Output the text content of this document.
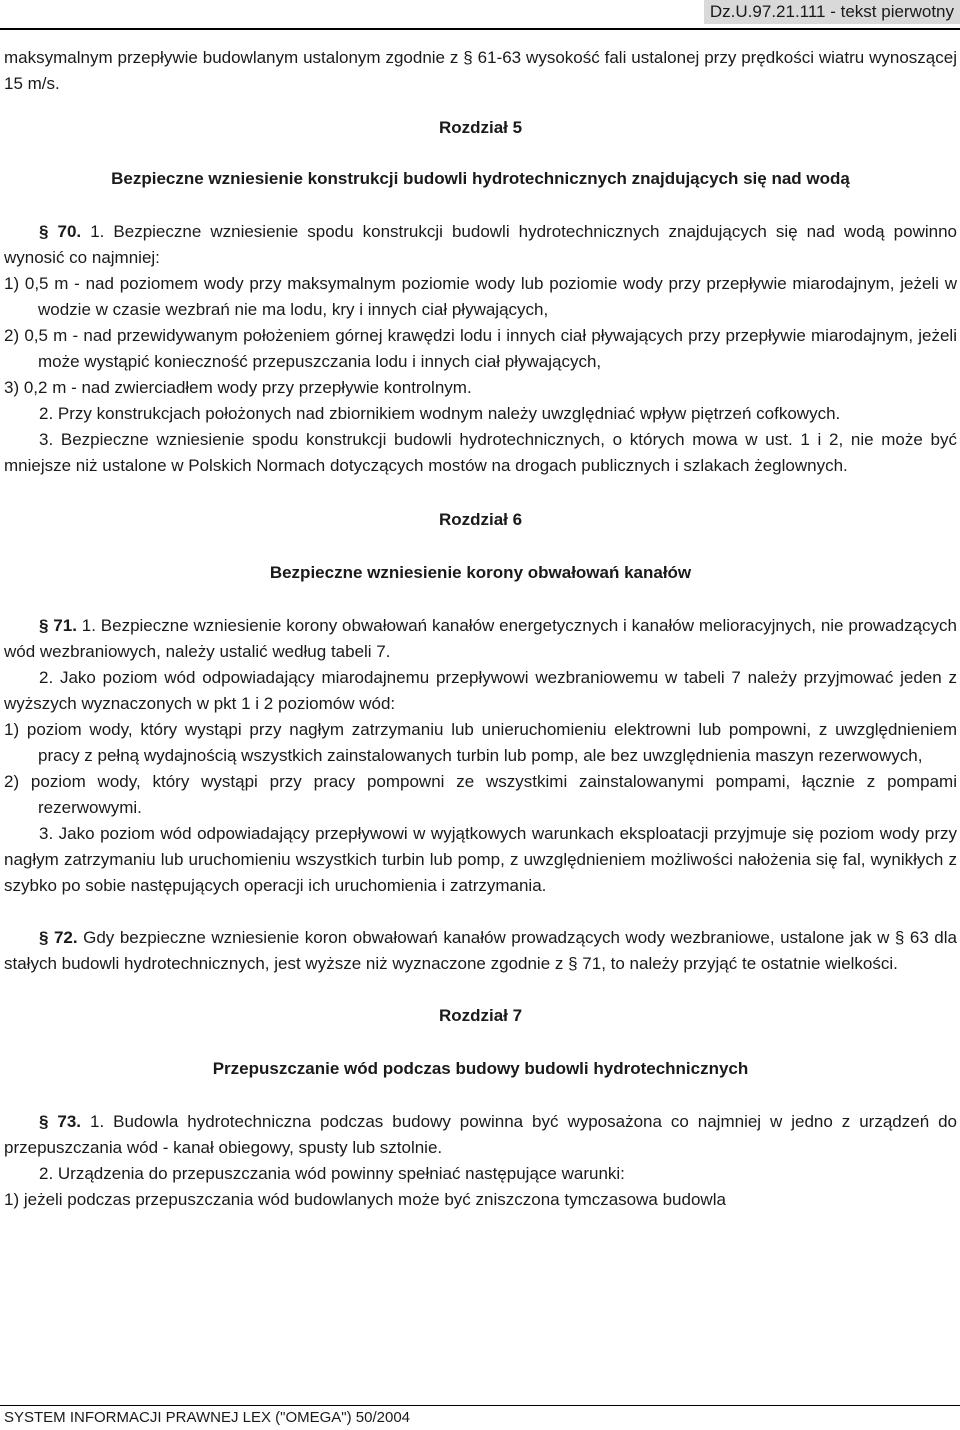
Dz.U.97.21.111 - tekst pierwotny

maksymalnym przepływie budowlanym ustalonym zgodnie z § 61-63 wysokość fali ustalonej przy prędkości wiatru wynoszącej 15 m/s.

Rozdział 5

Bezpieczne wzniesienie konstrukcji budowli hydrotechnicznych znajdujących się nad wodą

§ 70. 1. Bezpieczne wzniesienie spodu konstrukcji budowli hydrotechnicznych znajdujących się nad wodą powinno wynosić co najmniej:

1) 0,5 m - nad poziomem wody przy maksymalnym poziomie wody lub poziomie wody przy przepływie miarodajnym, jeżeli w wodzie w czasie wezbrań nie ma lodu, kry i innych ciał pływających,

2) 0,5 m - nad przewidywanym położeniem górnej krawędzi lodu i innych ciał pływających przy przepływie miarodajnym, jeżeli może wystąpić konieczność przepuszczania lodu i innych ciał pływających,

3) 0,2 m - nad zwierciadłem wody przy przepływie kontrolnym.

2. Przy konstrukcjach położonych nad zbiornikiem wodnym należy uwzględniać wpływ piętrzeń cofkowych.

3. Bezpieczne wzniesienie spodu konstrukcji budowli hydrotechnicznych, o których mowa w ust. 1 i 2, nie może być mniejsze niż ustalone w Polskich Normach dotyczących mostów na drogach publicznych i szlakach żeglownych.

Rozdział 6

Bezpieczne wzniesienie korony obwałowań kanałów

§ 71. 1. Bezpieczne wzniesienie korony obwałowań kanałów energetycznych i kanałów melioracyjnych, nie prowadzących wód wezbraniowych, należy ustalić według tabeli 7.

2. Jako poziom wód odpowiadający miarodajnemu przepływowi wezbraniowemu w tabeli 7 należy przyjmować jeden z wyższych wyznaczonych w pkt 1 i 2 poziomów wód:

1) poziom wody, który wystąpi przy nagłym zatrzymaniu lub unieruchomieniu elektrowni lub pompowni, z uwzględnieniem pracy z pełną wydajnością wszystkich zainstalowanych turbin lub pomp, ale bez uwzględnienia maszyn rezerwowych,

2) poziom wody, który wystąpi przy pracy pompowni ze wszystkimi zainstalowanymi pompami, łącznie z pompami rezerwowymi.

3. Jako poziom wód odpowiadający przepływowi w wyjątkowych warunkach eksploatacji przyjmuje się poziom wody przy nagłym zatrzymaniu lub uruchomieniu wszystkich turbin lub pomp, z uwzględnieniem możliwości nałożenia się fal, wynikłych z szybko po sobie następujących operacji ich uruchomienia i zatrzymania.

§ 72. Gdy bezpieczne wzniesienie koron obwałowań kanałów prowadzących wody wezbraniowe, ustalone jak w § 63 dla stałych budowli hydrotechnicznych, jest wyższe niż wyznaczone zgodnie z § 71, to należy przyjąć te ostatnie wielkości.

Rozdział 7

Przepuszczanie wód podczas budowy budowli hydrotechnicznych

§ 73. 1. Budowla hydrotechniczna podczas budowy powinna być wyposażona co najmniej w jedno z urządzeń do przepuszczania wód - kanał obiegowy, spusty lub sztolnie.

2. Urządzenia do przepuszczania wód powinny spełniać następujące warunki:

1) jeżeli podczas przepuszczania wód budowlanych może być zniszczona tymczasowa budowla

SYSTEM INFORMACJI PRAWNEJ LEX ("OMEGA") 50/2004
